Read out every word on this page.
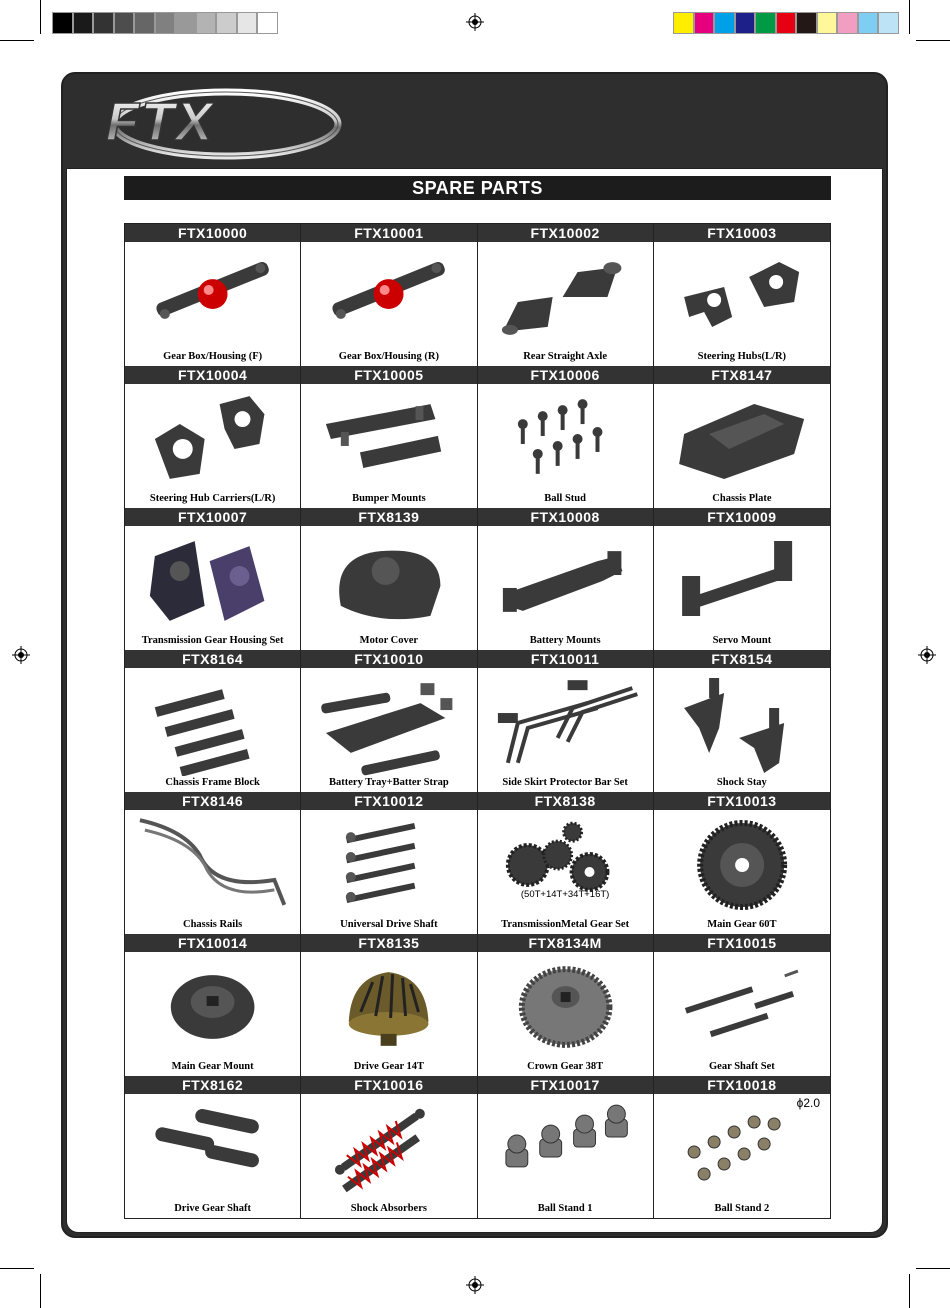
FTX
SPARE PARTS
FTX10000
Gear Box/Housing (F)
FTX10001
Gear Box/Housing (R)
FTX10002
Rear Straight Axle
FTX10003
Steering Hubs(L/R)
FTX10004
Steering Hub Carriers(L/R)
FTX10005
Bumper Mounts
FTX10006
Ball Stud
FTX8147
Chassis Plate
FTX10007
Transmission Gear Housing Set
FTX8139
Motor Cover
FTX10008
Battery Mounts
FTX10009
Servo Mount
FTX8164
Chassis Frame Block
FTX10010
Battery Tray+Batter Strap
FTX10011
Side Skirt Protector Bar Set
FTX8154
Shock Stay
FTX8146
Chassis Rails
FTX10012
Universal Drive Shaft
FTX8138
(50T+14T+34T+16T)
TransmissionMetal Gear Set
FTX10013
Main Gear 60T
FTX10014
Main Gear Mount
FTX8135
Drive Gear 14T
FTX8134M
Crown Gear 38T
FTX10015
Gear Shaft Set
FTX8162
Drive Gear Shaft
FTX10016
Shock Absorbers
FTX10017
Ball Stand 1
FTX10018
ϕ2.0
Ball Stand 2
